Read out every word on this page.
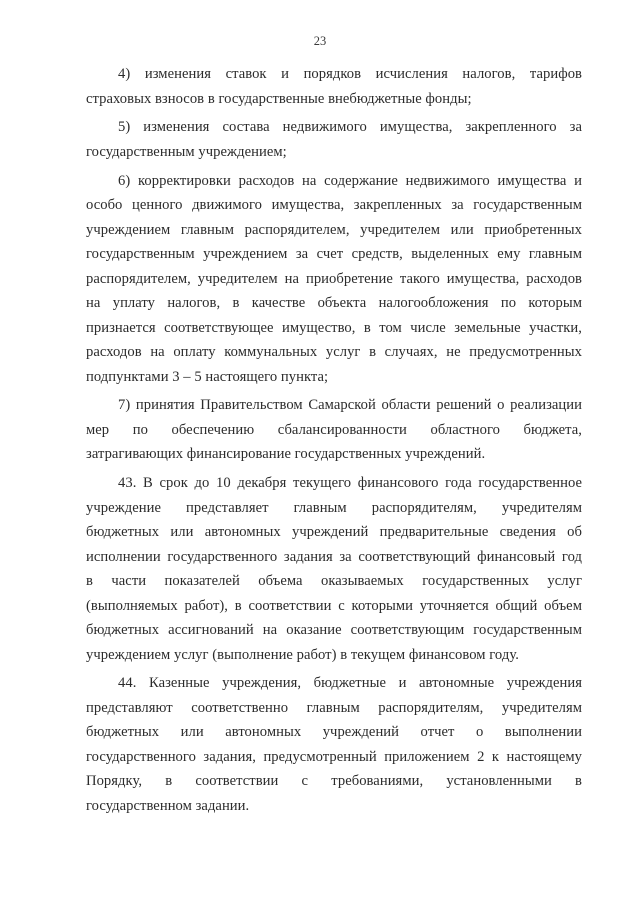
23

4) изменения ставок и порядков исчисления налогов, тарифов
страховых взносов в государственные внебюджетные фонды;

5) изменения состава недвижимого имущества, закрепленного за
государственным учреждением;

6) корректировки расходов на содержание недвижимого имущества и
особо ценного движимого имущества, закрепленных за государственным
учреждением главным распорядителем, учредителем или приобретенных
государственным учреждением за счет средств, выделенных ему главным
распорядителем, учредителем на приобретение такого имущества, расходов
на уплату налогов, в качестве объекта налогообложения по которым
признается соответствующее имущество, в том числе земельные участки,
расходов на оплату коммунальных услуг в случаях, не предусмотренных
подпунктами 3 – 5 настоящего пункта;

7) принятия Правительством Самарской области решений о реализации
мер по обеспечению сбалансированности областного бюджета,
затрагивающих финансирование государственных учреждений.

43. В срок до 10 декабря текущего финансового года государственное
учреждение представляет главным распорядителям, учредителям
бюджетных или автономных учреждений предварительные сведения об
исполнении государственного задания за соответствующий финансовый год
в части показателей объема оказываемых государственных услуг
(выполняемых работ), в соответствии с которыми уточняется общий объем
бюджетных ассигнований на оказание соответствующим государственным
учреждением услуг (выполнение работ) в текущем финансовом году.

44. Казенные учреждения, бюджетные и автономные учреждения
представляют соответственно главным распорядителям, учредителям
бюджетных или автономных учреждений отчет о выполнении
государственного задания, предусмотренный приложением 2 к настоящему
Порядку, в соответствии с требованиями, установленными в
государственном задании.
